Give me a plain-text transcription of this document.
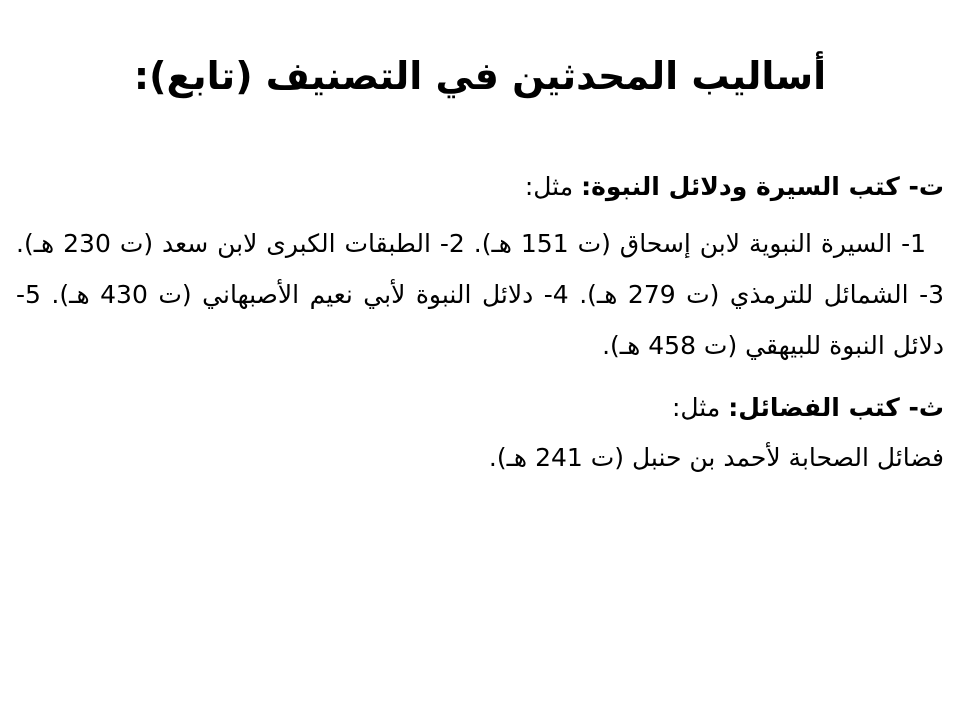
أساليب المحدثين في التصنيف (تابع):
ت- كتب السيرة ودلائل النبوة: مثل:
1- السيرة النبوية لابن إسحاق (ت 151 هـ). 2- الطبقات الكبرى لابن سعد (ت 230 هـ). 3- الشمائل للترمذي (ت 279 هـ). 4- دلائل النبوة لأبي نعيم الأصبهاني (ت 430 هـ). 5- دلائل النبوة للبيهقي (ت 458 هـ).
ث- كتب الفضائل: مثل:
فضائل الصحابة لأحمد بن حنبل (ت 241 هـ).
